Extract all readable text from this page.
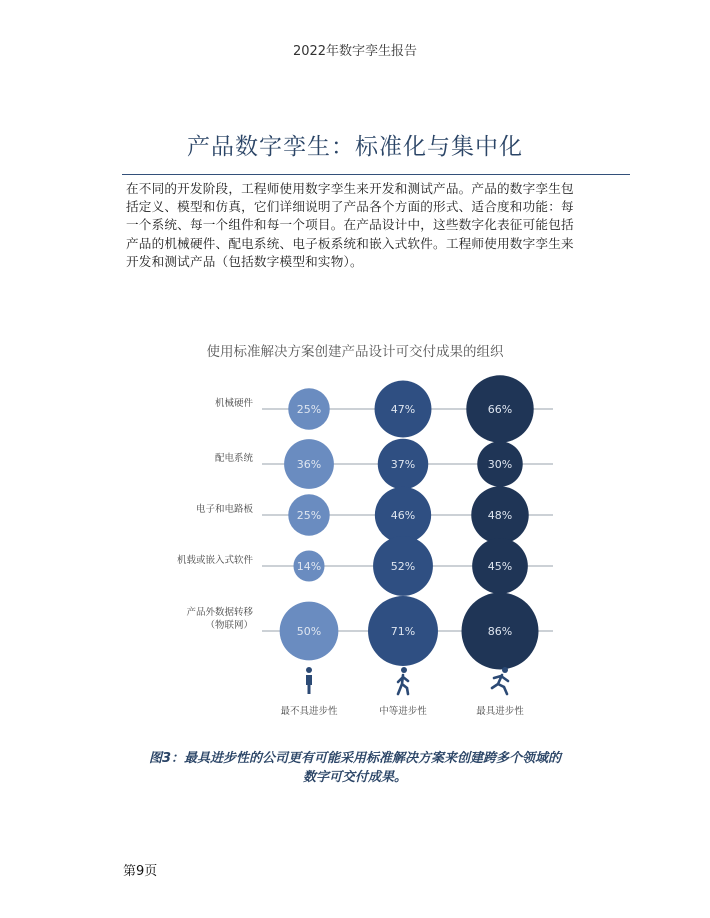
2022年数字孪生报告
产品数字孪生：标准化与集中化
在不同的开发阶段，工程师使用数字孪生来开发和测试产品。产品的数字孪生包
括定义、模型和仿真，它们详细说明了产品各个方面的形式、适合度和功能：每
一个系统、每一个组件和每一个项目。在产品设计中，这些数字化表征可能包括
产品的机械硬件、配电系统、电子板系统和嵌入式软件。工程师使用数字孪生来
开发和测试产品（包括数字模型和实物）。
使用标准解决方案创建产品设计可交付成果的组织
机械硬件
配电系统
电子和电路板
机载或嵌入式软件
产品外数据转移
（物联网）
25%
36%
25%
14%
50%
47%
37%
46%
52%
71%
66%
30%
48%
45%
86%
最不具进步性	中等进步性	最具进步性
图3：最具进步性的公司更有可能采用标准解决方案来创建跨多个领域的
数字可交付成果。
第9页
